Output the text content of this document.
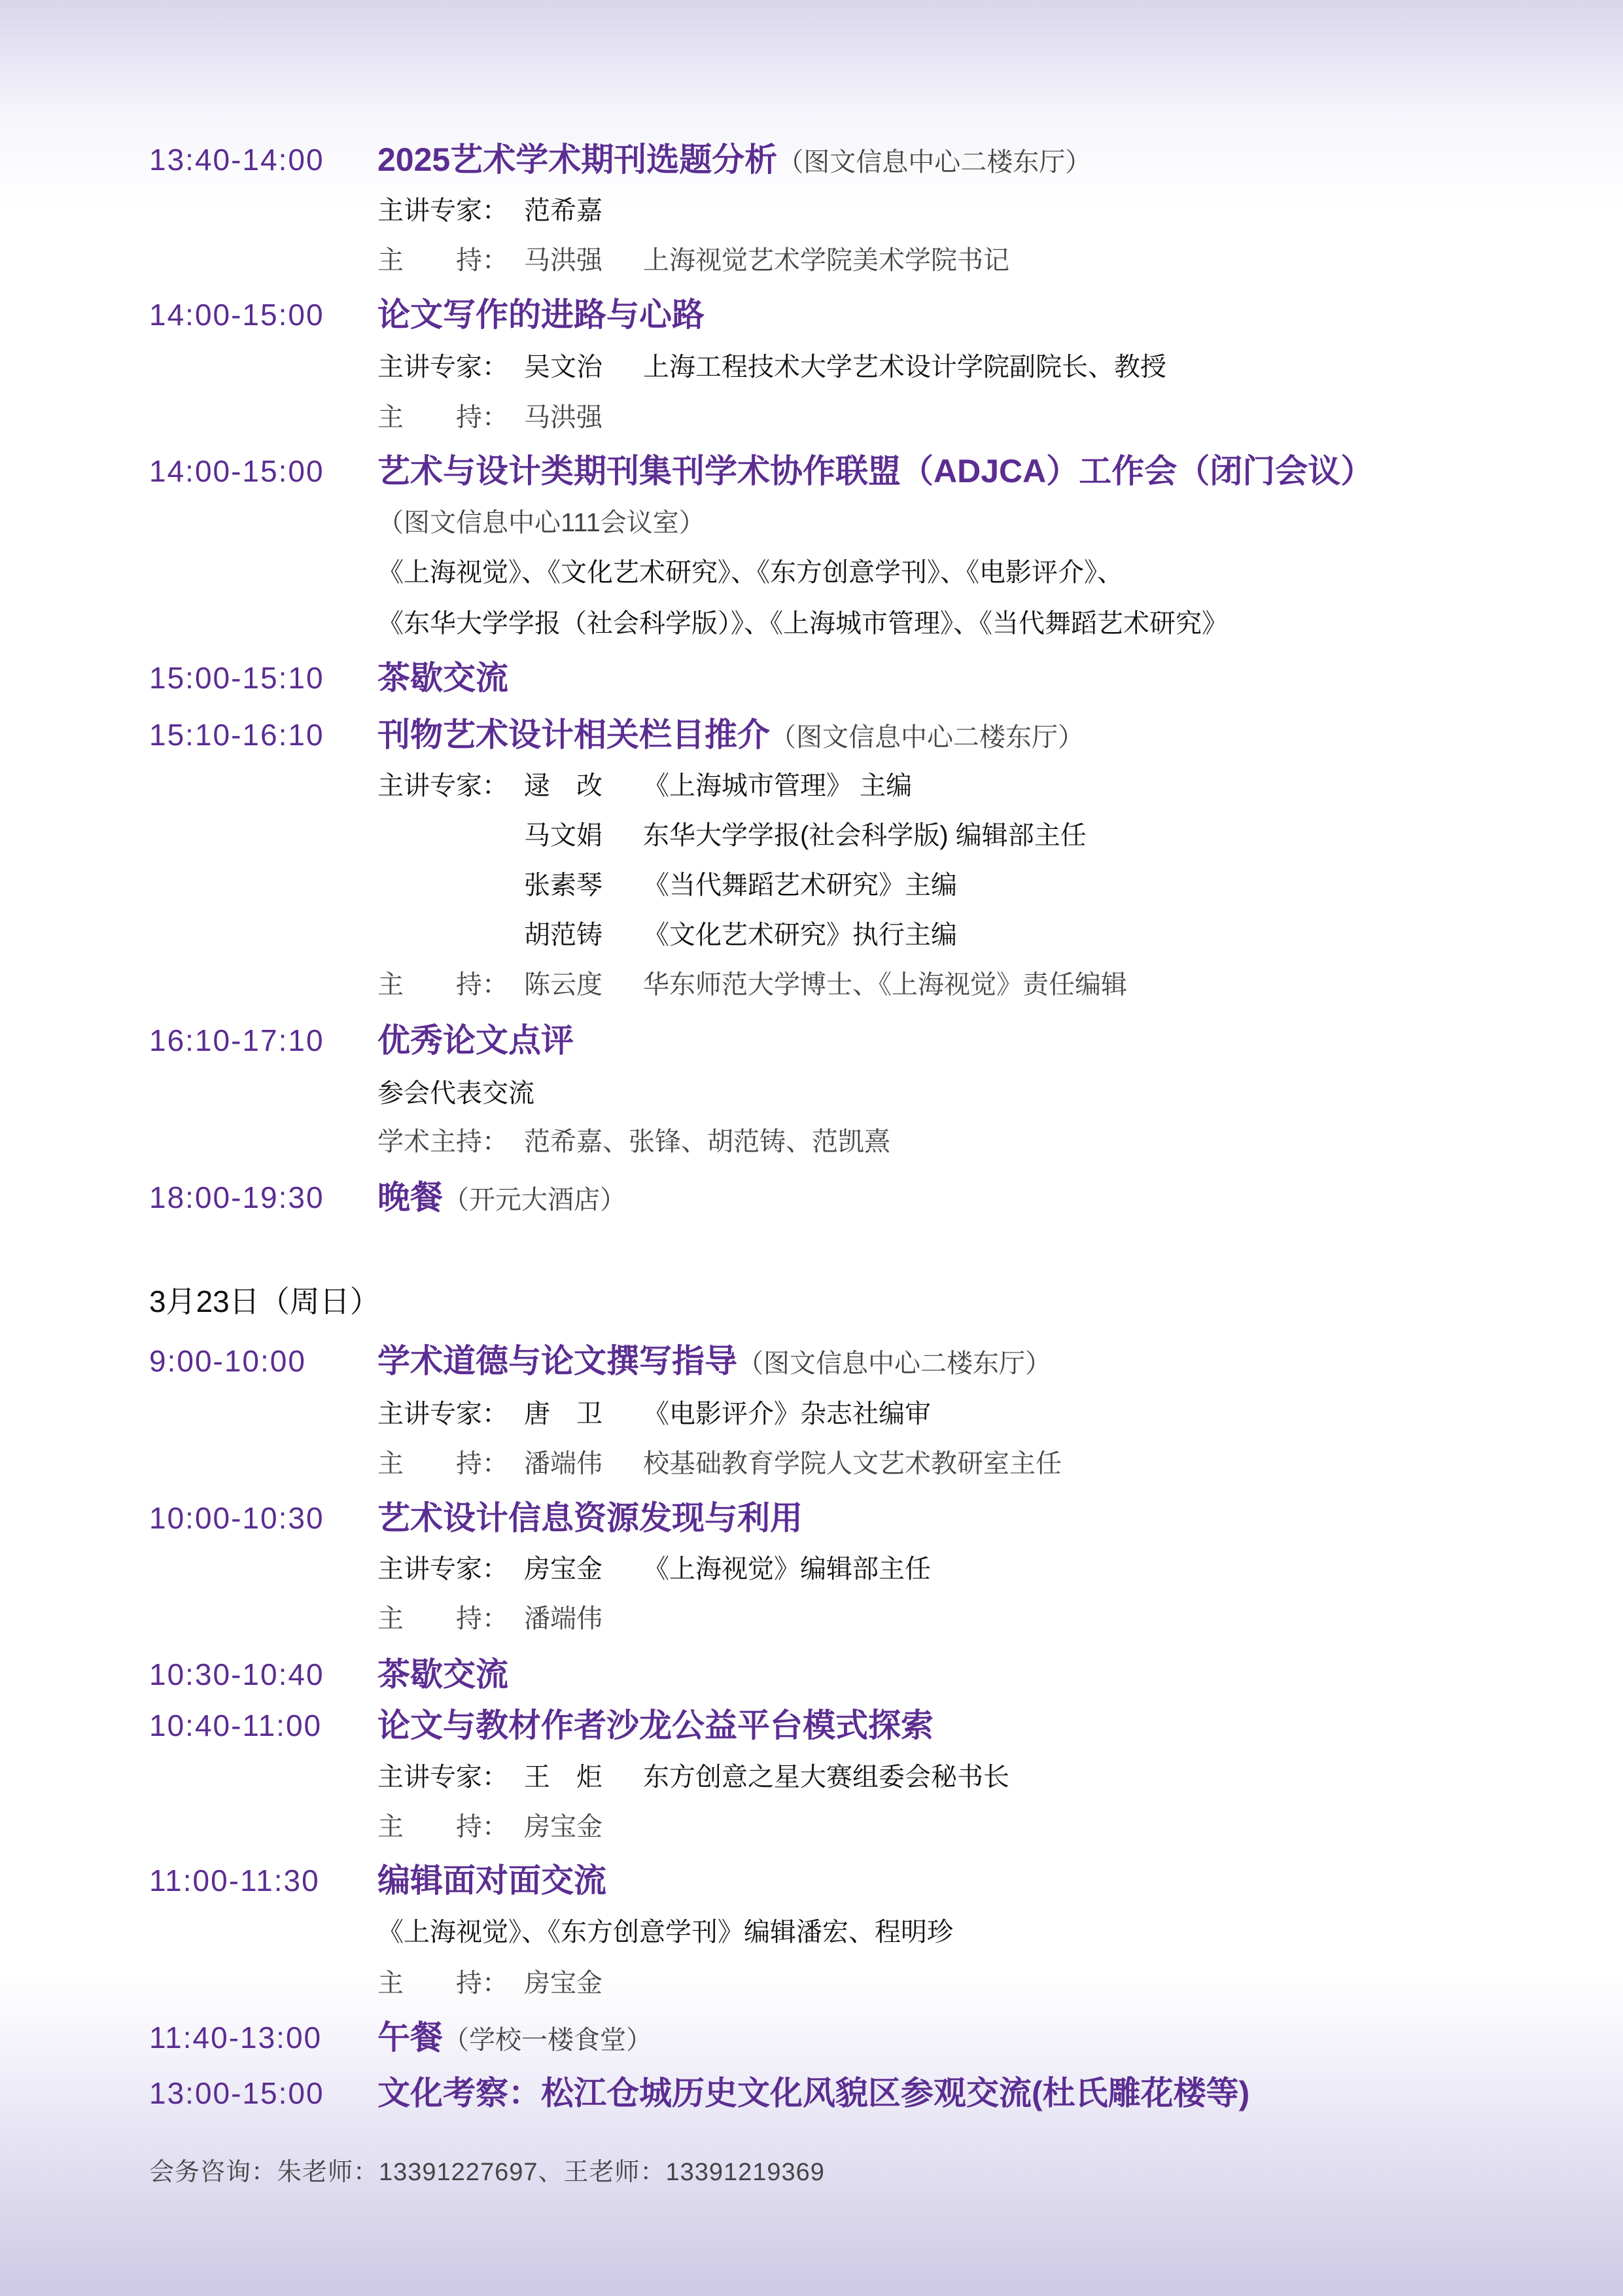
13:40-14:00 2025艺术学术期刊选题分析（图文信息中心二楼东厅）
主讲专家： 范希嘉
主　　持： 马洪强	上海视觉艺术学院美术学院书记
14:00-15:00 论文写作的进路与心路
主讲专家： 吴文治	上海工程技术大学艺术设计学院副院长、教授
主　　持： 马洪强
14:00-15:00 艺术与设计类期刊集刊学术协作联盟（ADJCA）工作会（闭门会议）
（图文信息中心111会议室）
《上海视觉》、《文化艺术研究》、《东方创意学刊》、《电影评介》、
《东华大学学报（社会科学版）》、《上海城市管理》、《当代舞蹈艺术研究》
15:00-15:10 茶歇交流
15:10-16:10 刊物艺术设计相关栏目推介（图文信息中心二楼东厅）
主讲专家： 逯　改	《上海城市管理》 主编
马文娟	东华大学学报(社会科学版) 编辑部主任
张素琴	《当代舞蹈艺术研究》主编
胡范铸	《文化艺术研究》执行主编
主　　持： 陈云度	华东师范大学博士、《上海视觉》责任编辑
16:10-17:10 优秀论文点评
参会代表交流
学术主持： 范希嘉、张锋、胡范铸、范凯熹
18:00-19:30 晚餐（开元大酒店）
3月23日（周日）
9:00-10:00 学术道德与论文撰写指导（图文信息中心二楼东厅）
主讲专家： 唐　卫	《电影评介》杂志社编审
主　　持： 潘端伟	校基础教育学院人文艺术教研室主任
10:00-10:30 艺术设计信息资源发现与利用
主讲专家： 房宝金	《上海视觉》编辑部主任
主　　持： 潘端伟
10:30-10:40 茶歇交流
10:40-11:00 论文与教材作者沙龙公益平台模式探索
主讲专家： 王　炬	东方创意之星大赛组委会秘书长
主　　持： 房宝金
11:00-11:30 编辑面对面交流
《上海视觉》、《东方创意学刊》编辑潘宏、程明珍
主　　持： 房宝金
11:40-13:00 午餐（学校一楼食堂）
13:00-15:00 文化考察：松江仓城历史文化风貌区参观交流(杜氏雕花楼等)
会务咨询：朱老师：13391227697、王老师：13391219369
